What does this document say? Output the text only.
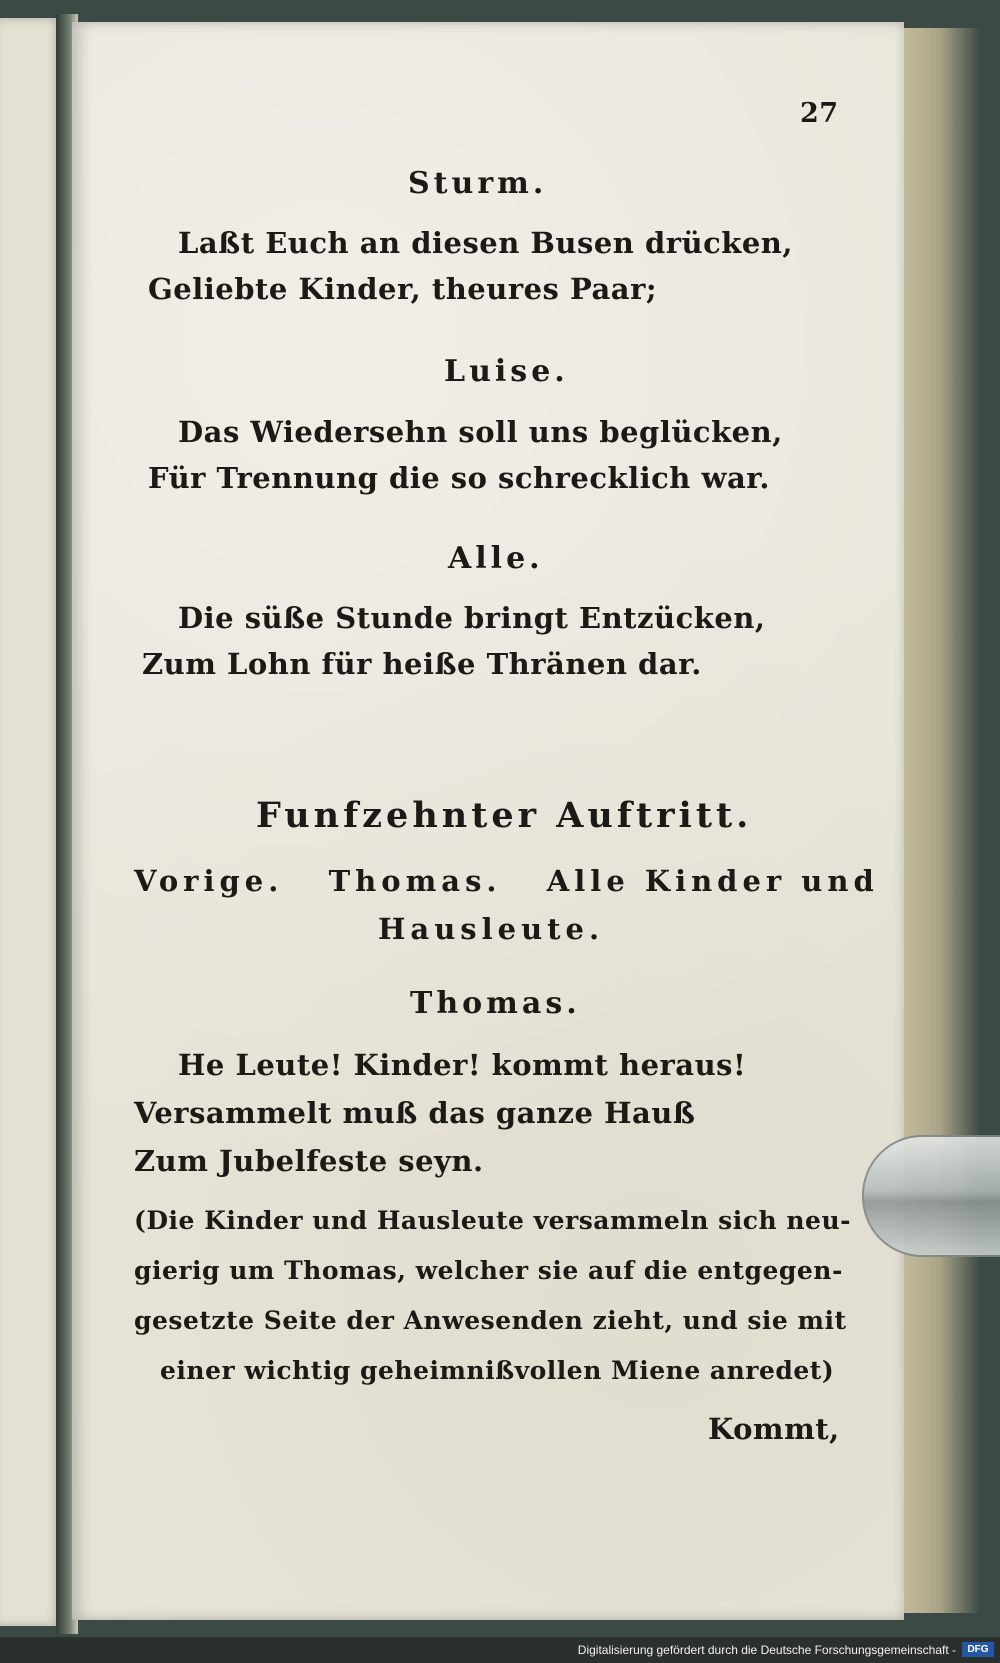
27
Sturm.
Laßt Euch an diesen Busen drücken,
Geliebte Kinder, theures Paar;
Luise.
Das Wiedersehn soll uns beglücken,
Für Trennung die so schrecklich war.
Alle.
Die süße Stunde bringt Entzücken,
Zum Lohn für heiße Thränen dar.
Funfzehnter Auftritt.
Vorige.   Thomas.   Alle Kinder und
Hausleute.
Thomas.
He Leute! Kinder! kommt heraus!
Versammelt muß das ganze Hauß
Zum Jubelfeste seyn.
(Die Kinder und Hausleute versammeln sich neu-
gierig um Thomas, welcher sie auf die entgegen-
gesetzte Seite der Anwesenden zieht, und sie mit
einer wichtig geheimnißvollen Miene anredet)
Kommt,
Digitalisierung gefördert durch die Deutsche Forschungsgemeinschaft -	DFG
